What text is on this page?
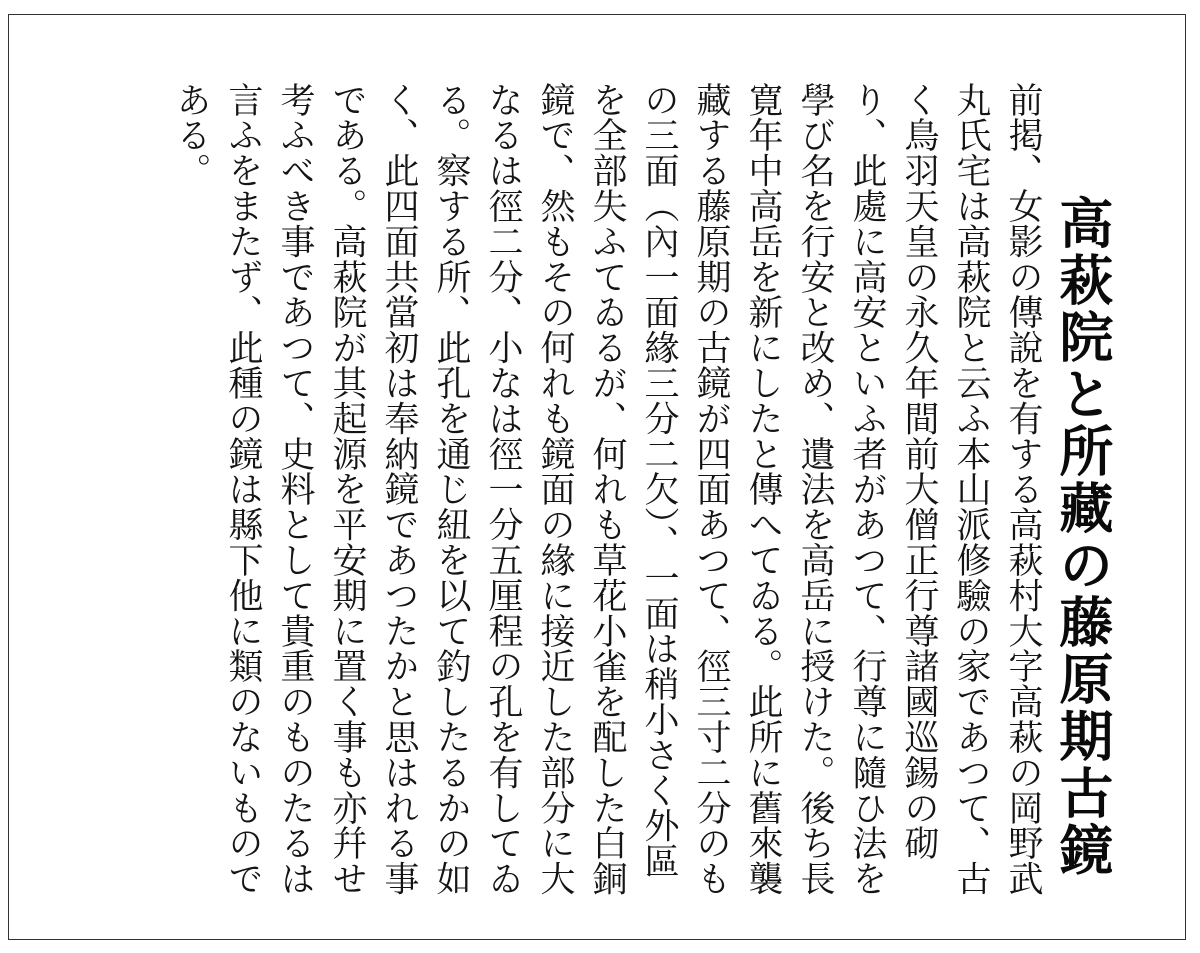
高萩院と所藏の藤原期古鏡

前掲、女影の傳說を有する高萩村大字高萩の岡野武丸氏宅は高萩院と云ふ本山派修驗の家であつて、古く鳥羽天皇の永久年間前大僧正行尊諸國巡錫の砌り、此處に高安といふ者があつて、行尊に隨ひ法を學び名を行安と改め、遺法を高岳に授けた。後ち長寛年中高岳を新にしたと傳へてゐる。此所に舊來襲藏する藤原期の古鏡が四面あつて、徑三寸二分のもの三面（內一面緣三分二欠）、一面は稍小さく外區を全部失ふてゐるが、何れも草花小雀を配した白銅鏡で、然もその何れも鏡面の緣に接近した部分に大なるは徑二分、小なは徑一分五厘程の孔を有してゐる。察する所、此孔を通じ紐を以て釣したるかの如く、此四面共當初は奉納鏡であつたかと思はれる事である。高萩院が其起源を平安期に置く事も亦幷せ考ふべき事であつて、史料として貴重のものたるは言ふをまたず、此種の鏡は縣下他に類のないものである。
